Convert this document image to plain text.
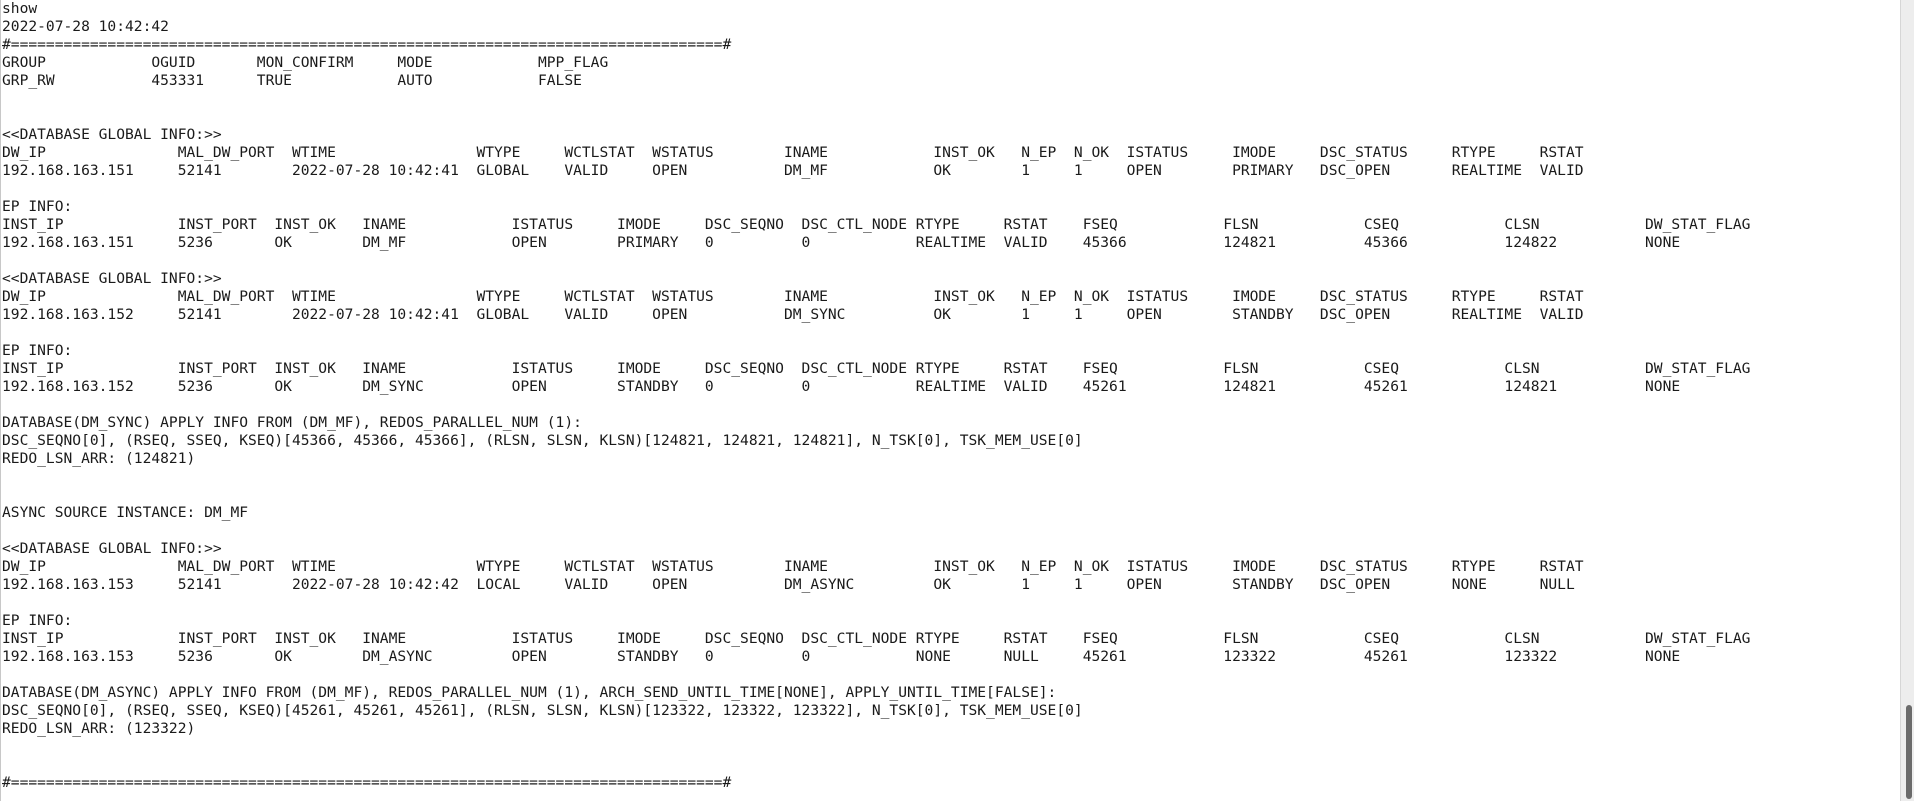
show
2022-07-28 10:42:42
#=================================================================================#
GROUP            OGUID       MON_CONFIRM     MODE            MPP_FLAG
GRP_RW           453331      TRUE            AUTO            FALSE
<<DATABASE GLOBAL INFO:>>
DW_IP               MAL_DW_PORT  WTIME                WTYPE     WCTLSTAT  WSTATUS        INAME            INST_OK   N_EP  N_OK  ISTATUS     IMODE     DSC_STATUS     RTYPE     RSTAT
192.168.163.151     52141        2022-07-28 10:42:41  GLOBAL    VALID     OPEN           DM_MF            OK        1     1     OPEN        PRIMARY   DSC_OPEN       REALTIME  VALID
EP INFO:
INST_IP             INST_PORT  INST_OK   INAME            ISTATUS     IMODE     DSC_SEQNO  DSC_CTL_NODE RTYPE     RSTAT    FSEQ            FLSN            CSEQ            CLSN            DW_STAT_FLAG
192.168.163.151     5236       OK        DM_MF            OPEN        PRIMARY   0          0            REALTIME  VALID    45366           124821          45366           124822          NONE
<<DATABASE GLOBAL INFO:>>
DW_IP               MAL_DW_PORT  WTIME                WTYPE     WCTLSTAT  WSTATUS        INAME            INST_OK   N_EP  N_OK  ISTATUS     IMODE     DSC_STATUS     RTYPE     RSTAT
192.168.163.152     52141        2022-07-28 10:42:41  GLOBAL    VALID     OPEN           DM_SYNC          OK        1     1     OPEN        STANDBY   DSC_OPEN       REALTIME  VALID
EP INFO:
INST_IP             INST_PORT  INST_OK   INAME            ISTATUS     IMODE     DSC_SEQNO  DSC_CTL_NODE RTYPE     RSTAT    FSEQ            FLSN            CSEQ            CLSN            DW_STAT_FLAG
192.168.163.152     5236       OK        DM_SYNC          OPEN        STANDBY   0          0            REALTIME  VALID    45261           124821          45261           124821          NONE
DATABASE(DM_SYNC) APPLY INFO FROM (DM_MF), REDOS_PARALLEL_NUM (1):
DSC_SEQNO[0], (RSEQ, SSEQ, KSEQ)[45366, 45366, 45366], (RLSN, SLSN, KLSN)[124821, 124821, 124821], N_TSK[0], TSK_MEM_USE[0]
REDO_LSN_ARR: (124821)
ASYNC SOURCE INSTANCE: DM_MF
<<DATABASE GLOBAL INFO:>>
DW_IP               MAL_DW_PORT  WTIME                WTYPE     WCTLSTAT  WSTATUS        INAME            INST_OK   N_EP  N_OK  ISTATUS     IMODE     DSC_STATUS     RTYPE     RSTAT
192.168.163.153     52141        2022-07-28 10:42:42  LOCAL     VALID     OPEN           DM_ASYNC         OK        1     1     OPEN        STANDBY   DSC_OPEN       NONE      NULL
EP INFO:
INST_IP             INST_PORT  INST_OK   INAME            ISTATUS     IMODE     DSC_SEQNO  DSC_CTL_NODE RTYPE     RSTAT    FSEQ            FLSN            CSEQ            CLSN            DW_STAT_FLAG
192.168.163.153     5236       OK        DM_ASYNC         OPEN        STANDBY   0          0            NONE      NULL     45261           123322          45261           123322          NONE
DATABASE(DM_ASYNC) APPLY INFO FROM (DM_MF), REDOS_PARALLEL_NUM (1), ARCH_SEND_UNTIL_TIME[NONE], APPLY_UNTIL_TIME[FALSE]:
DSC_SEQNO[0], (RSEQ, SSEQ, KSEQ)[45261, 45261, 45261], (RLSN, SLSN, KLSN)[123322, 123322, 123322], N_TSK[0], TSK_MEM_USE[0]
REDO_LSN_ARR: (123322)
#=================================================================================#
